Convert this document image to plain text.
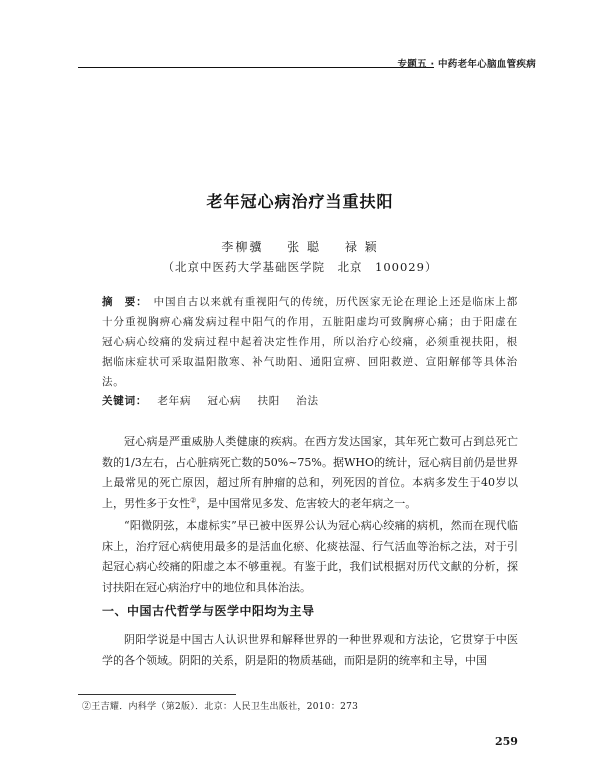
专题五 · 中药老年心脑血管疾病
老年冠心病治疗当重扶阳
李柳骥 张 聪 禄 颖
（北京中医药大学基础医学院　北京　100029）
摘　要： 中国自古以来就有重视阳气的传统，历代医家无论在理论上还是临床上都十分重视胸痹心痛发病过程中阳气的作用，五脏阳虚均可致胸痹心痛；由于阳虚在冠心病心绞痛的发病过程中起着决定性作用，所以治疗心绞痛，必须重视扶阳，根据临床症状可采取温阳散寒、补气助阳、通阳宣痹、回阳救逆、宣阳解郁等具体治法。
关键词： 老年病 冠心病 扶阳 治法

冠心病是严重威胁人类健康的疾病。在西方发达国家，其年死亡数可占到总死亡数的1/3左右，占心脏病死亡数的50%~75%。据WHO的统计，冠心病目前仍是世界上最常见的死亡原因，超过所有肿瘤的总和，列死因的首位。本病多发生于40岁以上，男性多于女性②，是中国常见多发、危害较大的老年病之一。

“阳微阴弦，本虚标实”早已被中医界公认为冠心病心绞痛的病机，然而在现代临床上，治疗冠心病使用最多的是活血化瘀、化痰祛湿、行气活血等治标之法，对于引起冠心病心绞痛的阳虚之本不够重视。有鉴于此，我们试根据对历代文献的分析，探讨扶阳在冠心病治疗中的地位和具体治法。

一、中国古代哲学与医学中阳均为主导

阴阳学说是中国古人认识世界和解释世界的一种世界观和方法论，它贯穿于中医学的各个领域。阴阳的关系，阴是阳的物质基础，而阳是阴的统率和主导，中国

②王吉耀．内科学（第2版）．北京：人民卫生出版社，2010：273
259
